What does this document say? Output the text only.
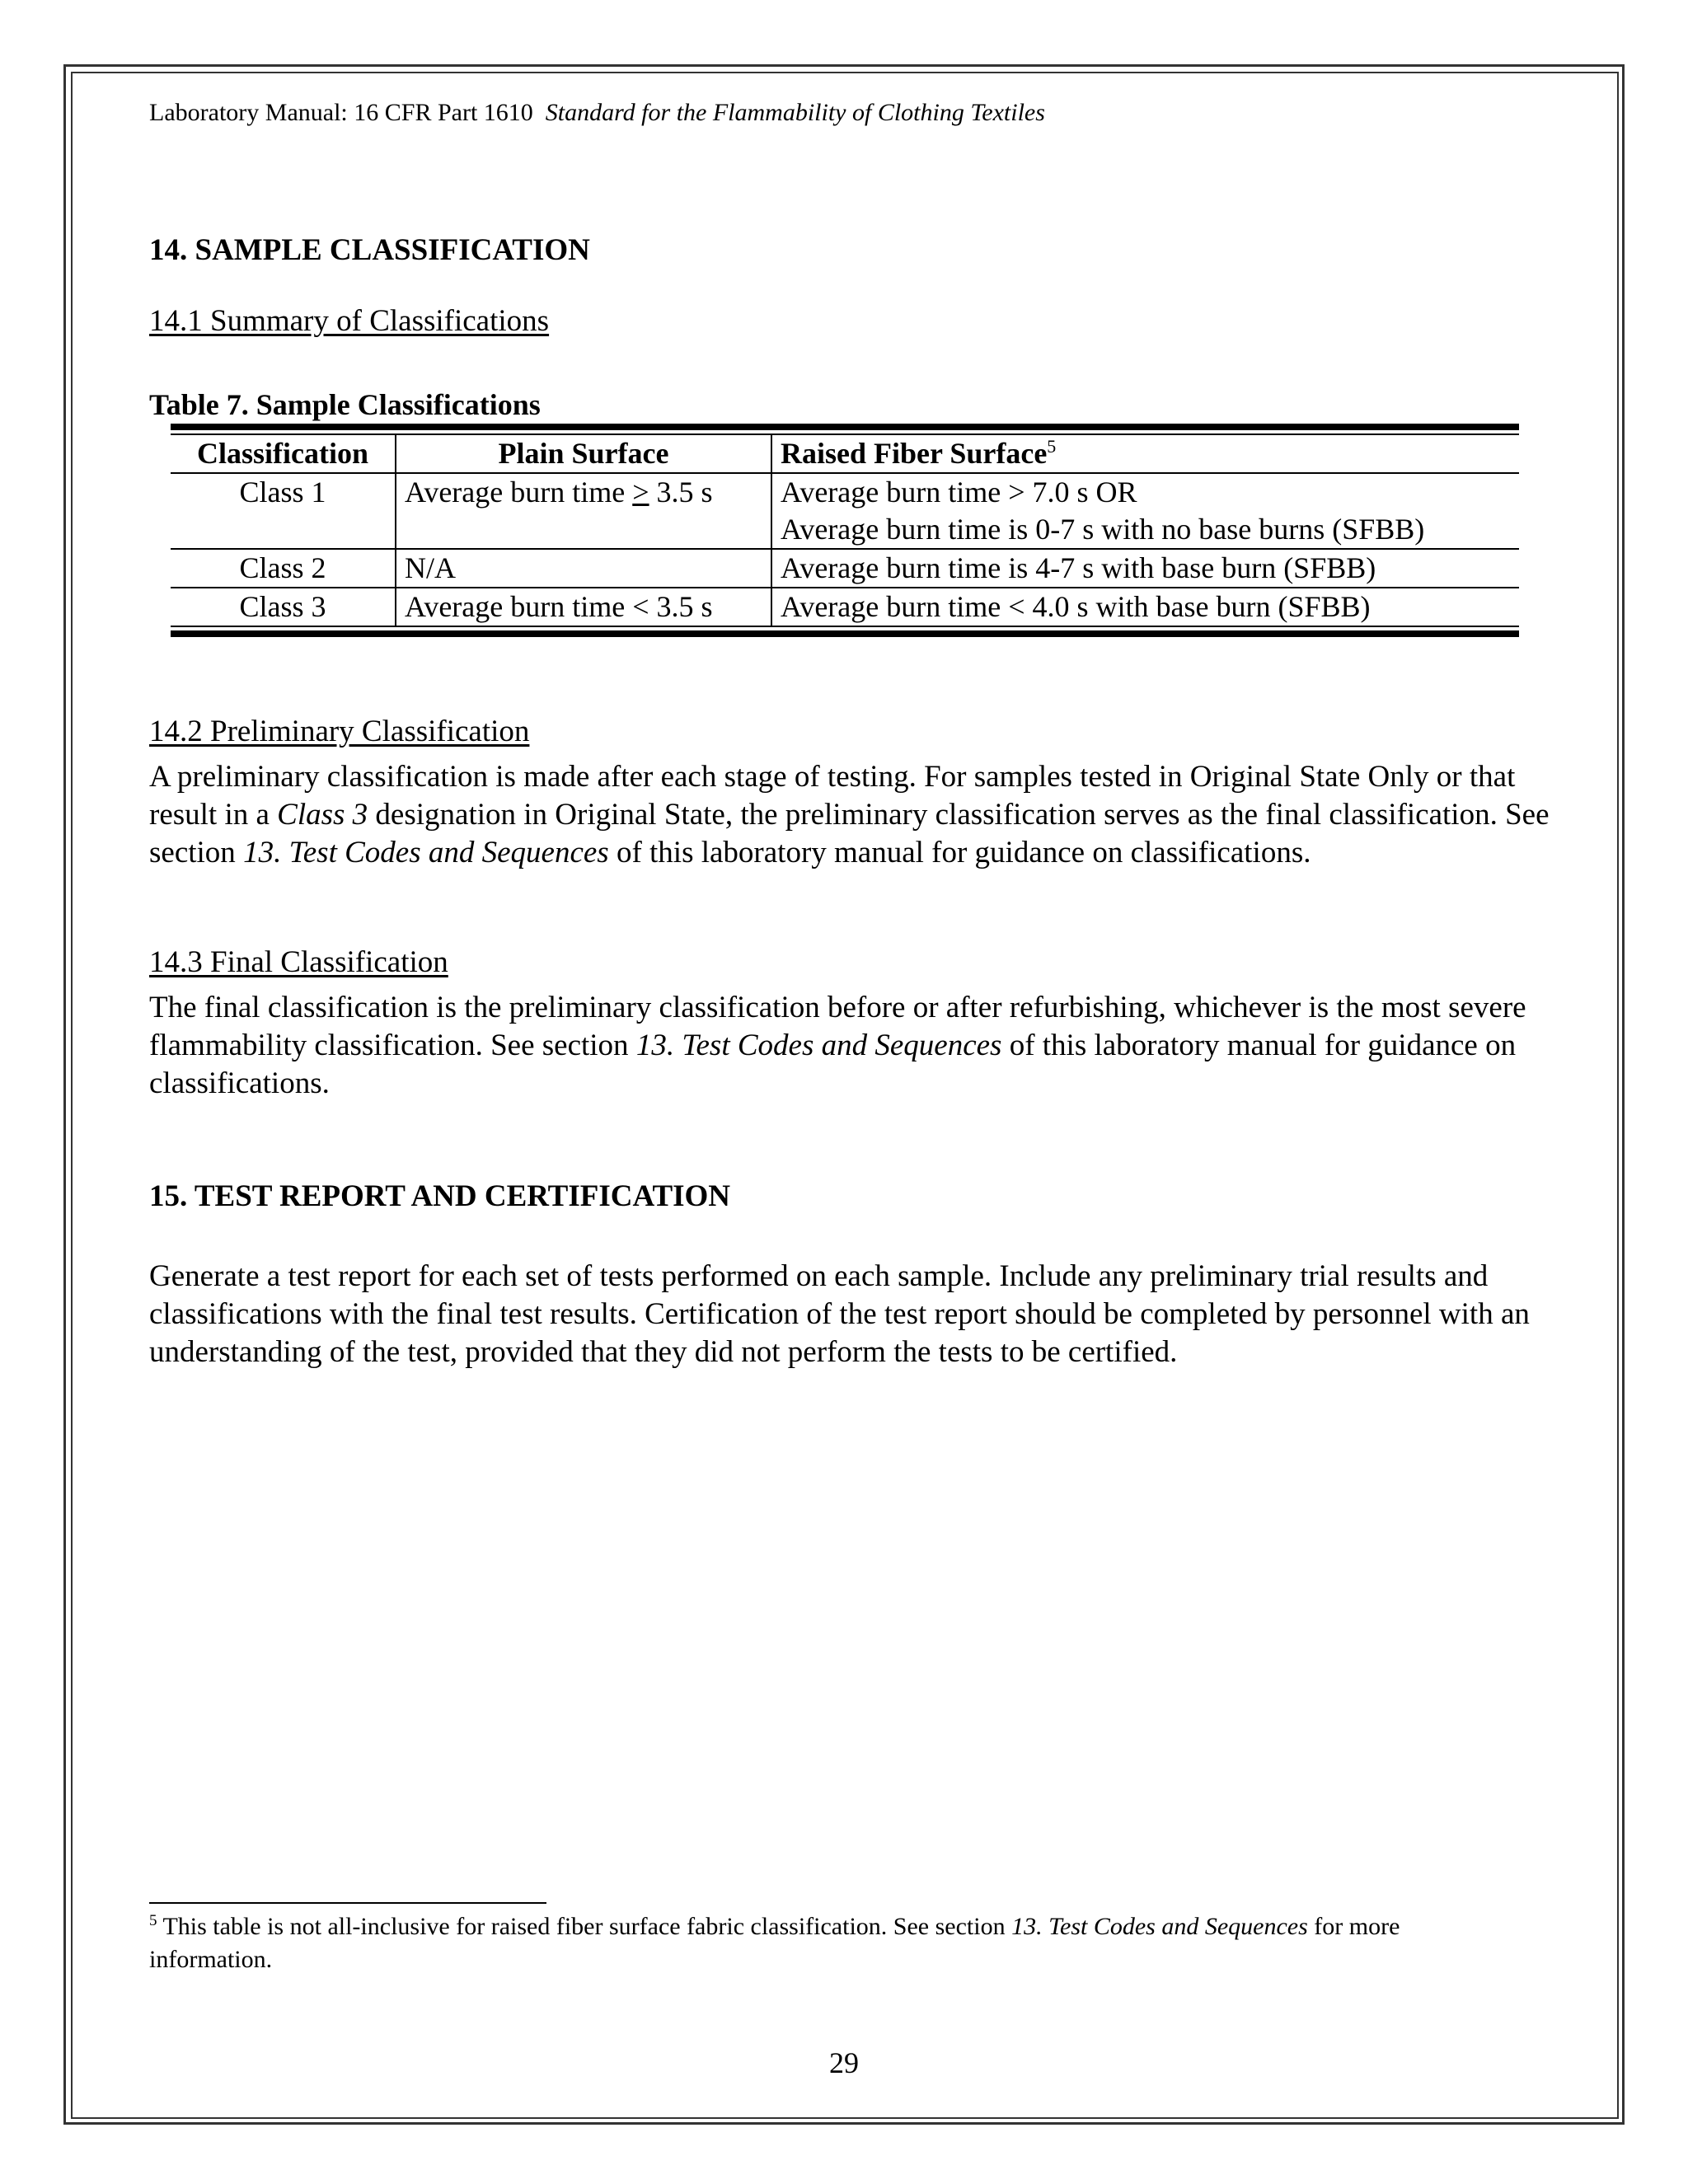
Laboratory Manual: 16 CFR Part 1610 Standard for the Flammability of Clothing Textiles
14. SAMPLE CLASSIFICATION
14.1 Summary of Classifications
Table 7. Sample Classifications
Classification	Plain Surface	Raised Fiber Surface$^5$
Class 1	Average burn time ≥ 3.5 s	Average burn time > 7.0 s OR
Average burn time is 0-7 s with no base burns (SFBB)

Class 2	N/A	Average burn time is 4-7 s with base burn (SFBB)
Class 3	Average burn time < 3.5 s	Average burn time < 4.0 s with base burn (SFBB)
14.2 Preliminary Classification
A preliminary classification is made after each stage of testing. For samples tested in Original State Only or that result in a Class 3 designation in Original State, the preliminary classification serves as the final classification. See section 13. Test Codes and Sequences of this laboratory manual for guidance on classifications.
14.3 Final Classification
The final classification is the preliminary classification before or after refurbishing, whichever is the most severe flammability classification. See section 13. Test Codes and Sequences of this laboratory manual for guidance on classifications.
15. TEST REPORT AND CERTIFICATION
Generate a test report for each set of tests performed on each sample. Include any preliminary trial results and classifications with the final test results. Certification of the test report should be completed by personnel with an understanding of the test, provided that they did not perform the tests to be certified.
$^5$ This table is not all-inclusive for raised fiber surface fabric classification. See section 13. Test Codes and Sequences for more information.
29
